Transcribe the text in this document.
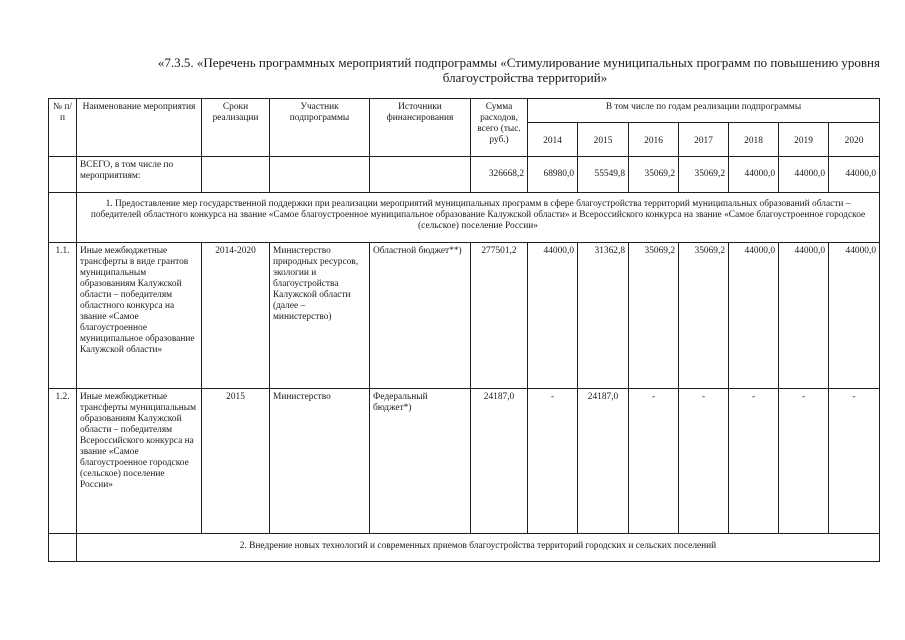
«7.3.5. «Перечень программных мероприятий подпрограммы «Стимулирование муниципальных программ по повышению уровня
благоустройства территорий»
№ п/п	Наименование мероприятия	Сроки реализации	Участник подпрограммы	Источники финансирования	Сумма расходов, всего (тыс. руб.)	В том числе по годам реализации подпрограммы						
						2014	2015	2016	2017	2018	2019	2020
	ВСЕГО, в том числе по мероприятиям:				326668,2	68980,0	55549,8	35069,2	35069,2	44000,0	44000,0	44000,0
	1. Предоставление мер государственной поддержки при реализации мероприятий муниципальных программ в сфере благоустройства территорий муниципальных образований области – победителей областного конкурса на звание «Самое благоустроенное муниципальное образование Калужской области» и Всероссийского конкурса на звание «Самое благоустроенное городское (сельское) поселение России»											
1.1.	Иные межбюджетные трансферты в виде грантов муниципальным образованиям Калужской области – победителям областного конкурса на звание «Самое благоустроенное муниципальное образование Калужской области»	2014-2020	Министерство природных ресурсов, экологии и благоустройства Калужской области (далее – министерство)	Областной бюджет**)	277501,2	44000,0	31362,8	35069,2	35069,2	44000,0	44000,0	44000,0
1.2.	Иные межбюджетные трансферты муниципальным образованиям Калужской области – победителям Всероссийского конкурса на звание «Самое благоустроенное городское (сельское) поселение России»	2015	Министерство	Федеральный бюджет*)	24187,0	-	24187,0	-	-	-	-	-
	2. Внедрение новых технологий и современных приемов благоустройства территорий городских и сельских поселений											
